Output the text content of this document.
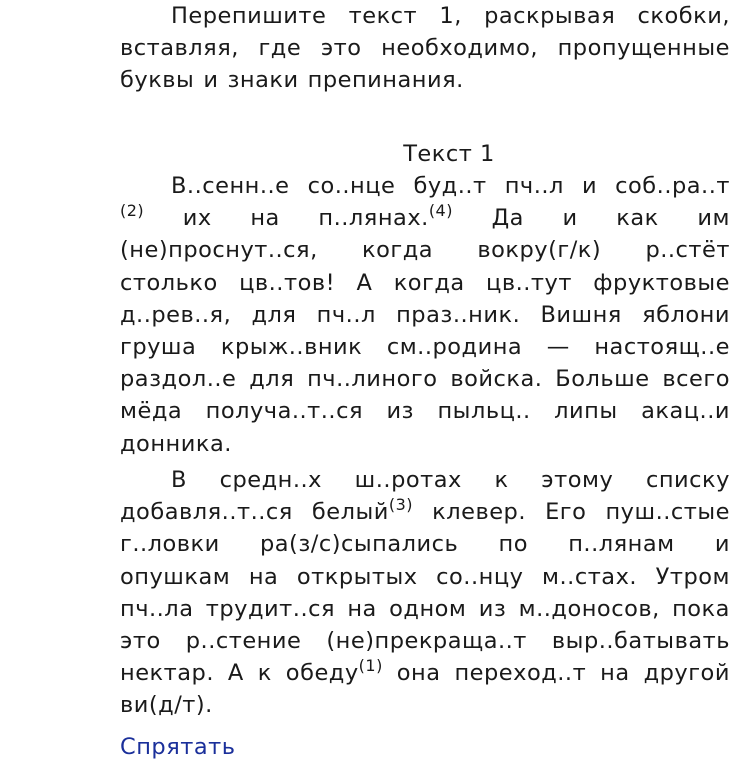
Перепишите текст 1, раскрывая скобки,
вставляя, где это необходимо, пропущенные
буквы и знаки препинания.
Текст 1
В..сенн..е со..нце буд..т пч..л и соб..ра..т
$^{(2)}$ их на п..лянах.$^{(4)}$ Да и как им
(не)проснут..ся, когда вокру(г/к) р..стёт
столько цв..тов! А когда цв..тут фруктовые
д..рев..я, для пч..л праз..ник. Вишня яблони
груша крыж..вник см..родина — настоящ..е
раздол..е для пч..линого войска. Больше всего
мёда получа..т..ся из пыльц.. липы акац..и
донника.
В средн..х ш..ротах к этому списку
добавля..т..ся белый$^{(3)}$ клевер. Его пуш..стые
г..ловки ра(з/с)сыпались по п..лянам и
опушкам на открытых со..нцу м..стах. Утром
пч..ла трудит..ся на одном из м..доносов, пока
это р..стение (не)прекраща..т выр..батывать
нектар. А к обеду$^{(1)}$ она переход..т на другой
ви(д/т).
Спрятать
